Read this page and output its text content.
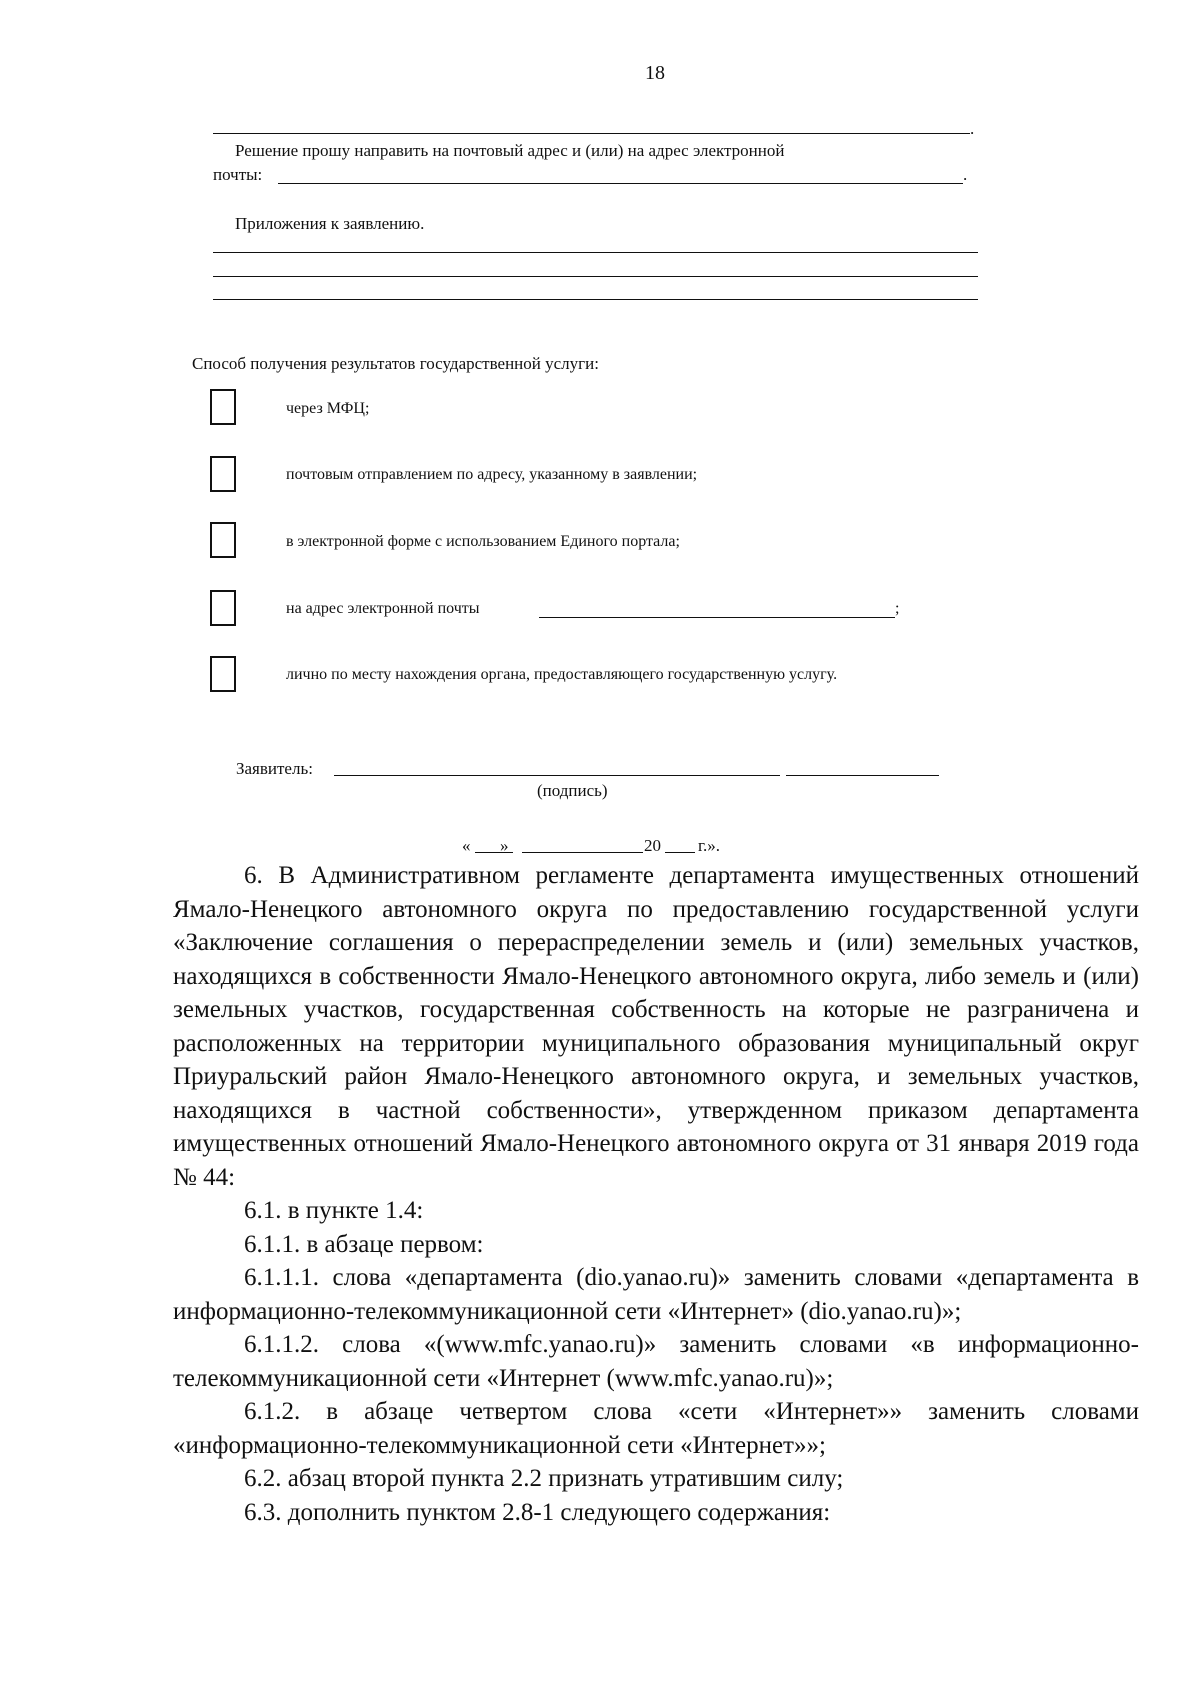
18
.
Решение прошу направить на почтовый адрес и (или) на адрес электронной
почты:	.
Приложения к заявлению.
Способ получения результатов государственной услуги:
через МФЦ;
почтовым отправлением по адресу, указанному в заявлении;
в электронной форме с использованием Единого портала;
на адрес электронной почты	;
лично по месту нахождения органа, предоставляющего государственную услугу.
Заявитель:
(подпись)
« »	20 г.».

6. В Административном регламенте департамента имущественных отношений Ямало-Ненецкого автономного округа по предоставлению государственной услуги «Заключение соглашения о перераспределении земель и (или) земельных участков, находящихся в собственности Ямало-Ненецкого автономного округа, либо земель и (или) земельных участков, государственная собственность на которые не разграничена и расположенных на территории муниципального образования муниципальный округ Приуральский район Ямало-Ненецкого автономного округа, и земельных участков, находящихся в частной собственности», утвержденном приказом департамента имущественных отношений Ямало-Ненецкого автономного округа от 31 января 2019 года № 44:

6.1. в пункте 1.4:

6.1.1. в абзаце первом:

6.1.1.1. слова «департамента (dio.yanao.ru)» заменить словами «департамента в информационно-телекоммуникационной сети «Интернет» (dio.yanao.ru)»;

6.1.1.2. слова «(www.mfc.yanao.ru)» заменить словами «в информационно-телекоммуникационной сети «Интернет (www.mfc.yanao.ru)»;

6.1.2. в абзаце четвертом слова «сети «Интернет»» заменить словами «информационно-телекоммуникационной сети «Интернет»»;

6.2. абзац второй пункта 2.2 признать утратившим силу;

6.3. дополнить пунктом 2.8-1 следующего содержания:
